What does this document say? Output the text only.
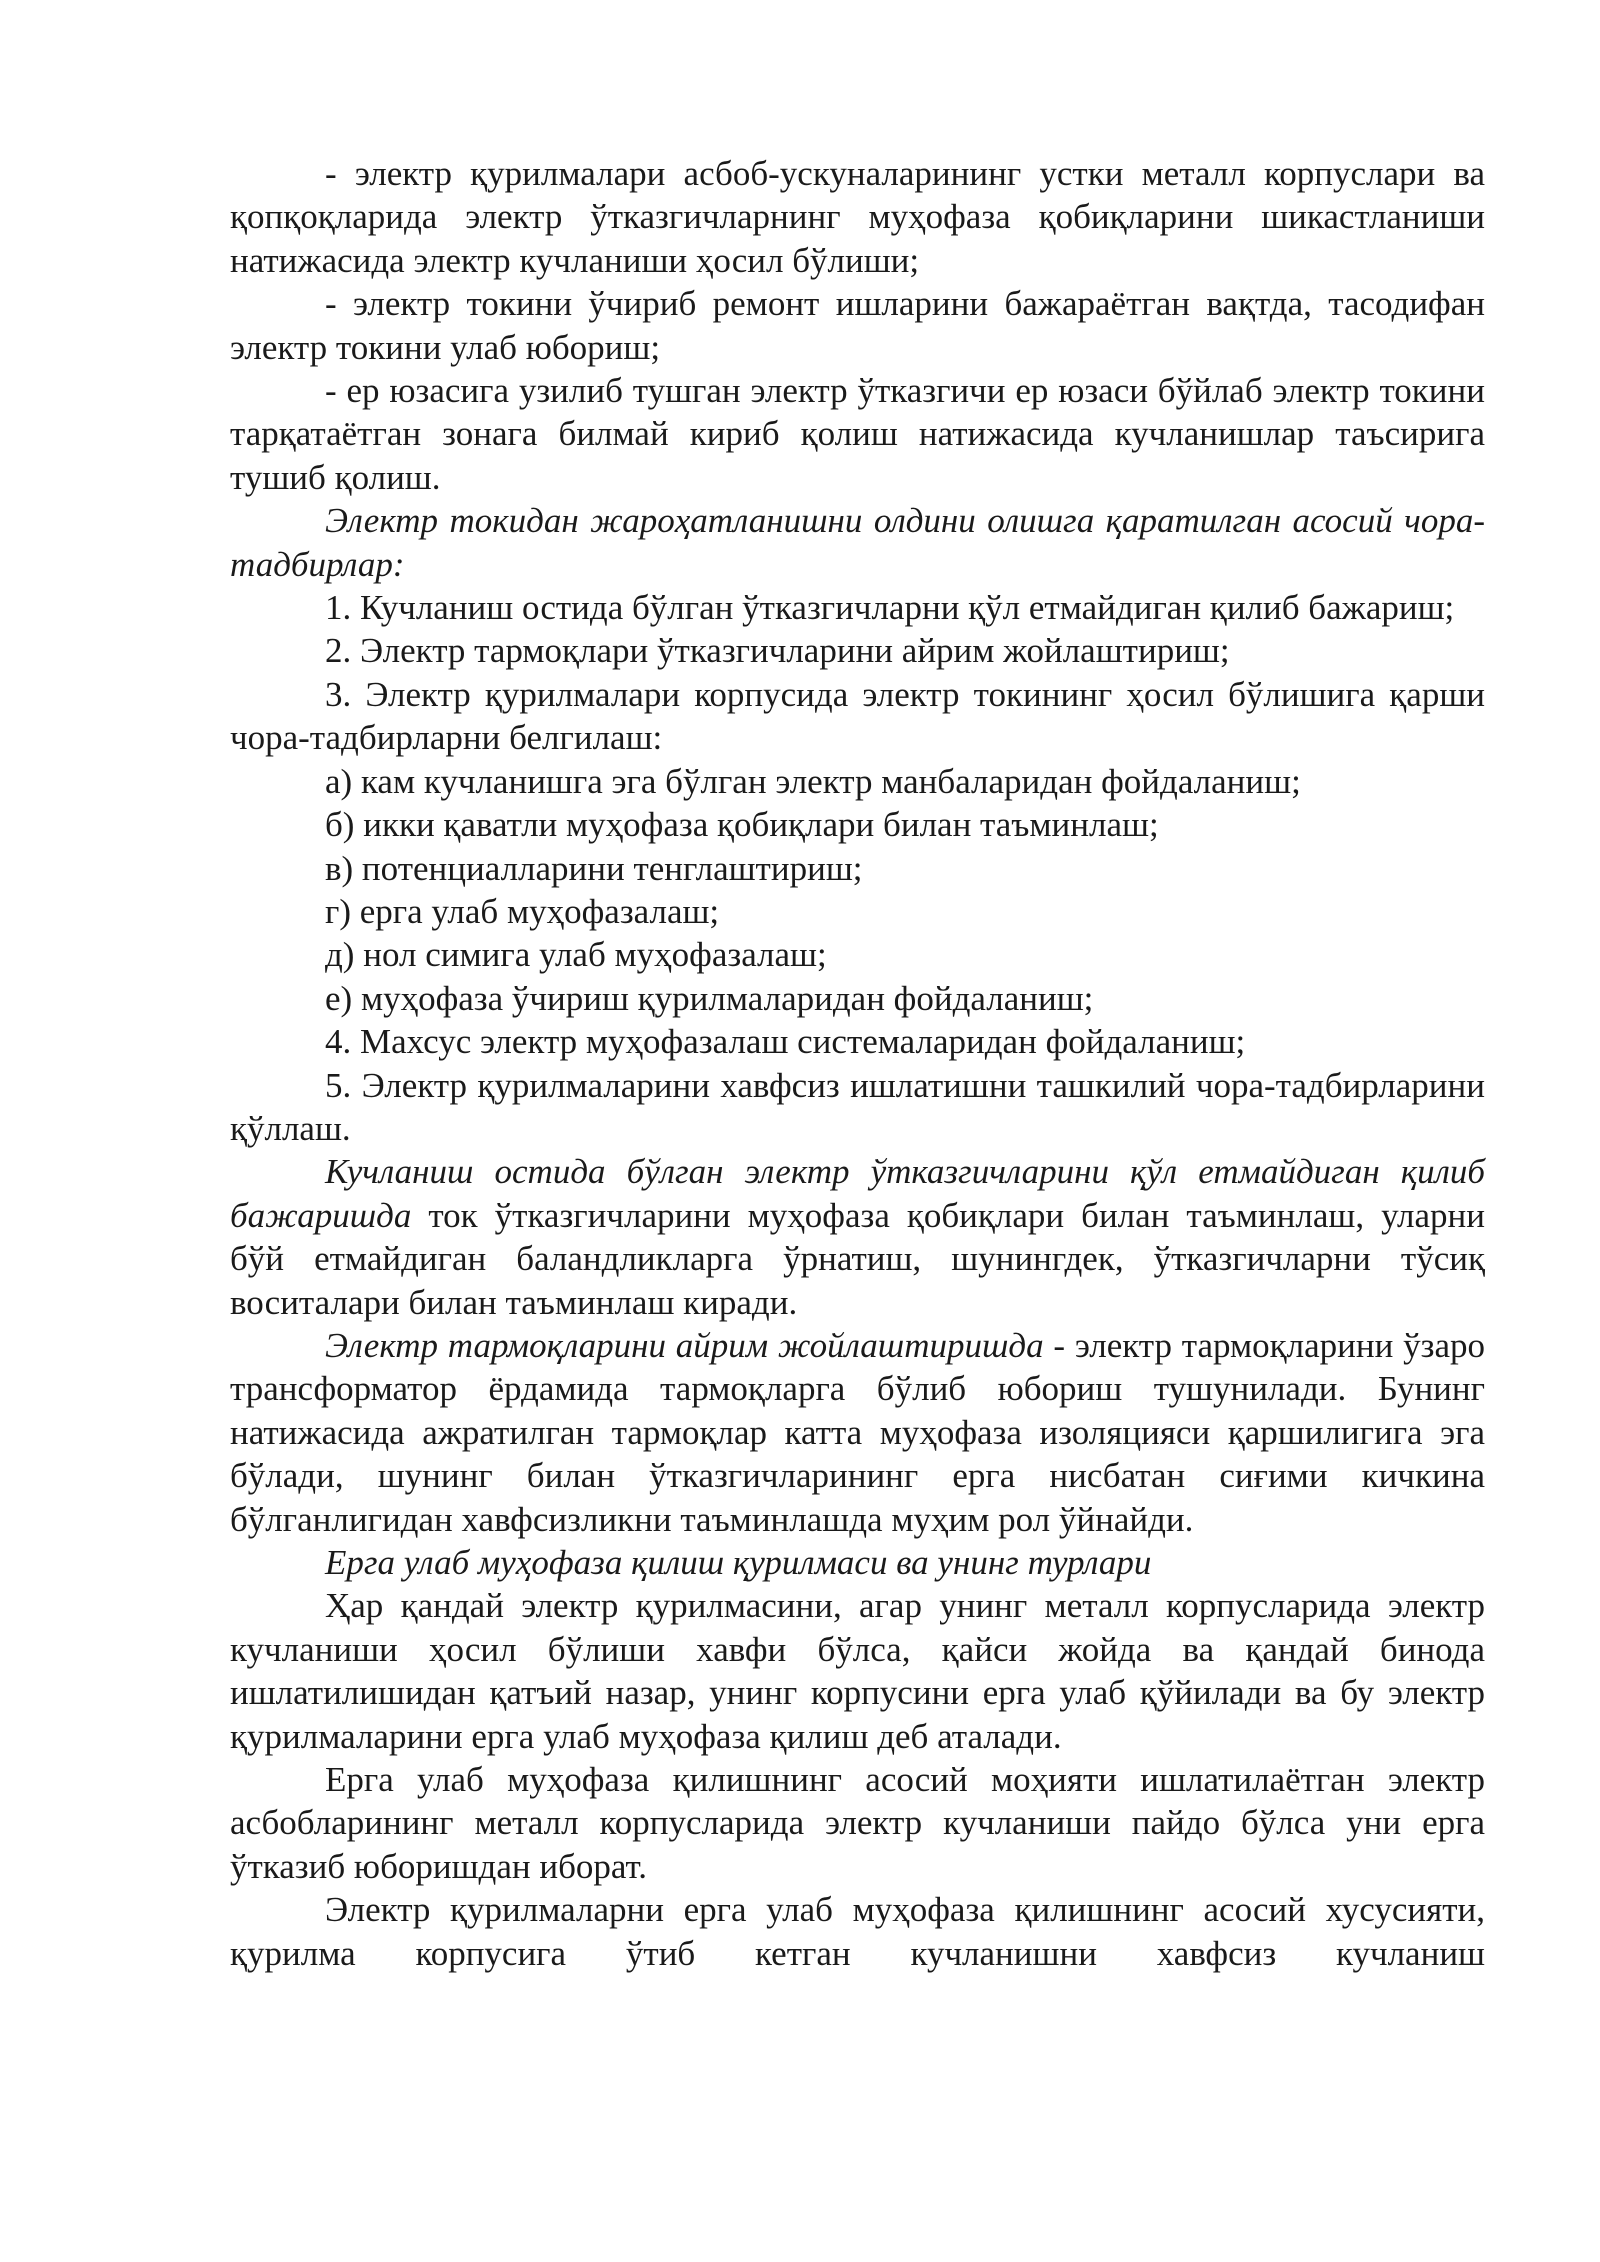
- электр қурилмалари асбоб-ускуналарининг устки металл корпуслари ва қопқоқларида электр ўтказгичларнинг муҳофаза қобиқларини шикастланиши натижасида электр кучланиши ҳосил бўлиши;

- электр токини ўчириб ремонт ишларини бажараётган вақтда, тасодифан электр токини улаб юбориш;

- ер юзасига узилиб тушган электр ўтказгичи ер юзаси бўйлаб электр токини тарқатаётган зонага билмай кириб қолиш натижасида кучланишлар таъсирига тушиб қолиш.

Электр токидан жароҳатланишни олдини олишга қаратилган асосий чора-тадбирлар:

1. Кучланиш остида бўлган ўтказгичларни қўл етмайдиган қилиб бажариш;

2. Электр тармоқлари ўтказгичларини айрим жойлаштириш;

3. Электр қурилмалари корпусида электр токининг ҳосил бўлишига қарши чора-тадбирларни белгилаш:

а) кам кучланишга эга бўлган электр манбаларидан фойдаланиш;

б) икки қаватли муҳофаза қобиқлари билан таъминлаш;

в) потенциалларини тенглаштириш;

г) ерга улаб муҳофазалаш;

д) нол симига улаб муҳофазалаш;

е) муҳофаза ўчириш қурилмаларидан фойдаланиш;

4. Махсус электр муҳофазалаш системаларидан фойдаланиш;

5. Электр қурилмаларини хавфсиз ишлатишни ташкилий чора-тадбирларини қўллаш.

Кучланиш остида бўлган электр ўтказгичларини қўл етмайдиган қилиб бажаришда ток ўтказгичларини муҳофаза қобиқлари билан таъминлаш, уларни бўй етмайдиган баландликларга ўрнатиш, шунингдек, ўтказгичларни тўсиқ воситалари билан таъминлаш киради.

Электр тармоқларини айрим жойлаштиришда - электр тармоқларини ўзаро трансформатор ёрдамида тармоқларга бўлиб юбориш тушунилади. Бунинг натижасида ажратилган тармоқлар катта муҳофаза изоляцияси қаршилигига эга бўлади, шунинг билан ўтказгичларининг ерга нисбатан сиғими кичкина бўлганлигидан хавфсизликни таъминлашда муҳим рол ўйнайди.

Ерга улаб муҳофаза қилиш қурилмаси ва унинг турлари

Ҳар қандай электр қурилмасини, агар унинг металл корпусларида электр кучланиши ҳосил бўлиши хавфи бўлса, қайси жойда ва қандай бинода ишлатилишидан қатъий назар, унинг корпусини ерга улаб қўйилади ва бу электр қурилмаларини ерга улаб муҳофаза қилиш деб аталади.

Ерга улаб муҳофаза қилишнинг асосий моҳияти ишлатилаётган электр асбобларининг металл корпусларида электр кучланиши пайдо бўлса уни ерга ўтказиб юборишдан иборат.

Электр қурилмаларни ерга улаб муҳофаза қилишнинг асосий хусусияти, қурилма корпусига ўтиб кетган кучланишни хавфсиз кучланиш
